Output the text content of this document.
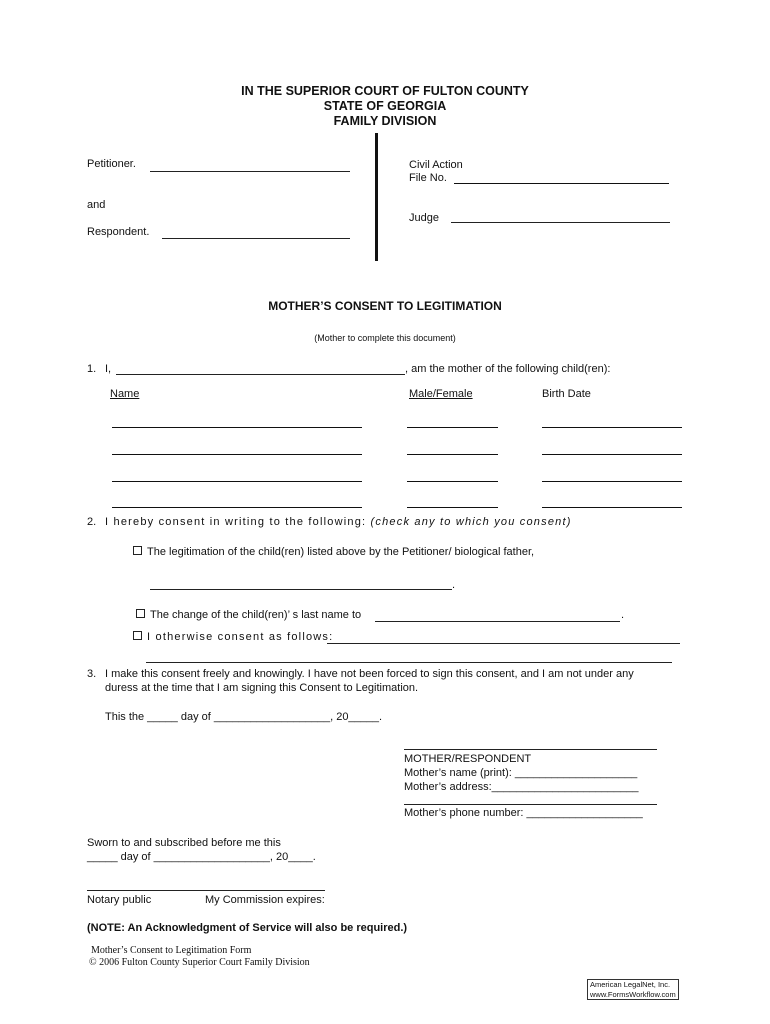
IN THE SUPERIOR COURT OF FULTON COUNTY
STATE OF GEORGIA
FAMILY DIVISION
Petitioner.
and
Respondent.
Civil Action
File No.
Judge
MOTHER’S CONSENT TO LEGITIMATION
(Mother to complete this document)
1. I,	, am the mother of the following child(ren):
Name	Male/Female	Birth Date
2. I hereby consent in writing to the following: (check any to which you consent)
The legitimation of the child(ren) listed above by the Petitioner/ biological father,
.
The change of the child(ren)’ s last name to	.
I otherwise consent as follows:
3. I make this consent freely and knowingly. I have not been forced to sign this consent, and I am not under any
duress at the time that I am signing this Consent to Legitimation.
This the _____ day of ___________________, 20_____.
MOTHER/RESPONDENT
Mother’s name (print): ____________________
Mother’s address:________________________
Mother’s phone number: ___________________
Sworn to and subscribed before me this
_____ day of ___________________, 20____.
Notary public	My Commission expires:
(NOTE: An Acknowledgment of Service will also be required.)
Mother’s Consent to Legitimation Form
© 2006 Fulton County Superior Court Family Division
American LegalNet, Inc.
www.FormsWorkflow.com
